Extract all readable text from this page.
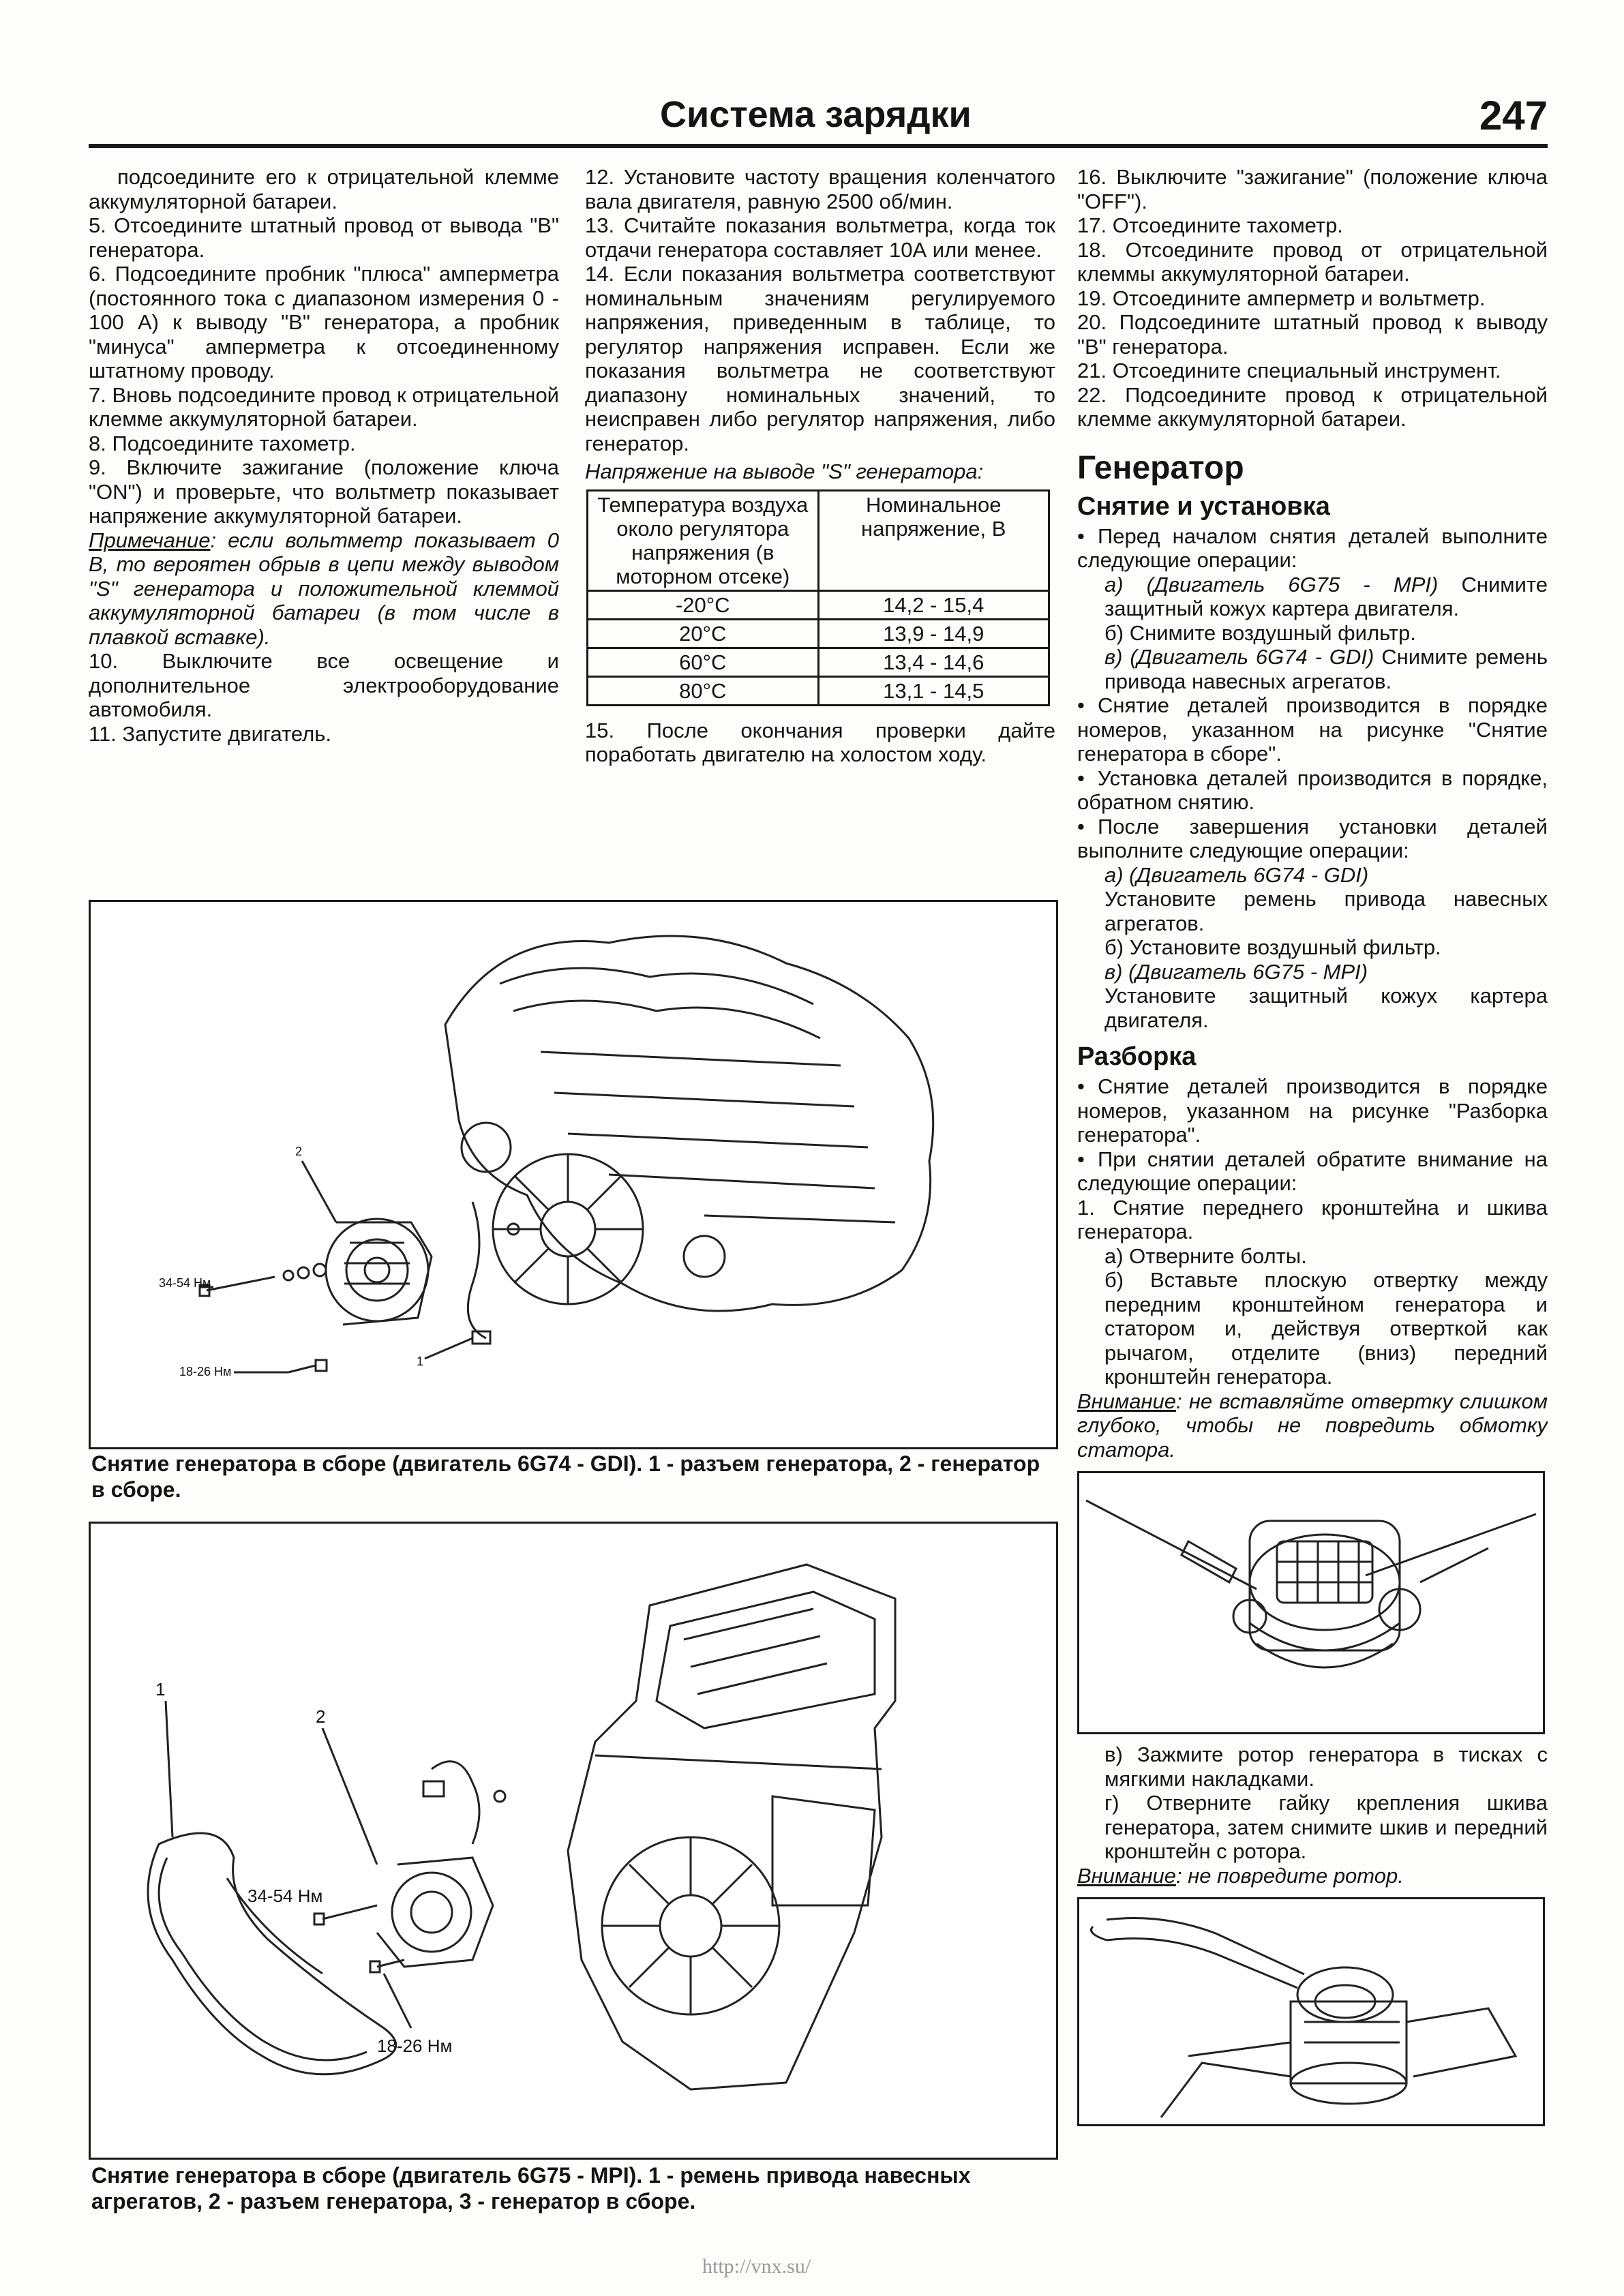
Система зарядки	247

подсоедините его к отрицательной клемме аккумуляторной батареи.

5. Отсоедините штатный провод от вывода "B" генератора.

6. Подсоедините пробник "плюса" амперметра (постоянного тока с диапазоном измерения 0 - 100 А) к выводу "B" генератора, а пробник "минуса" амперметра к отсоединенному штатному проводу.

7. Вновь подсоедините провод к отрицательной клемме аккумуляторной батареи.

8. Подсоедините тахометр.

9. Включите зажигание (положение ключа "ON") и проверьте, что вольтметр показывает напряжение аккумуляторной батареи.

Примечание: если вольтметр показывает 0 В, то вероятен обрыв в цепи между выводом "S" генератора и положительной клеммой аккумуляторной батареи (в том числе в плавкой вставке).

10. Выключите все освещение и дополнительное электрооборудование автомобиля.

11. Запустите двигатель.

12. Установите частоту вращения коленчатого вала двигателя, равную 2500 об/мин.

13. Считайте показания вольтметра, когда ток отдачи генератора составляет 10А или менее.

14. Если показания вольтметра соответствуют номинальным значениям регулируемого напряжения, приведенным в таблице, то регулятор напряжения исправен. Если же показания вольтметра не соответствуют диапазону номинальных значений, то неисправен либо регулятор напряжения, либо генератор.

Напряжение на выводе "S" генератора:

Температура воздуха около регулятора напряжения (в моторном отсеке)	Номинальное напряжение, В
-20°C	14,2 - 15,4
20°C	13,9 - 14,9
60°C	13,4 - 14,6
80°C	13,1 - 14,5

15. После окончания проверки дайте поработать двигателю на холостом ходу.

16. Выключите "зажигание" (положение ключа "OFF").

17. Отсоедините тахометр.

18. Отсоедините провод от отрицательной клеммы аккумуляторной батареи.

19. Отсоедините амперметр и вольтметр.

20. Подсоедините штатный провод к выводу "B" генератора.

21. Отсоедините специальный инструмент.

22. Подсоедините провод к отрицательной клемме аккумуляторной батареи.

Генератор
Снятие и установка

• Перед началом снятия деталей выполните следующие операции:

а) (Двигатель 6G75 - MPI) Снимите защитный кожух картера двигателя.

б) Снимите воздушный фильтр.

в) (Двигатель 6G74 - GDI) Снимите ремень привода навесных агрегатов.

• Снятие деталей производится в порядке номеров, указанном на рисунке "Снятие генератора в сборе".

• Установка деталей производится в порядке, обратном снятию.

• После завершения установки деталей выполните следующие операции:

а) (Двигатель 6G74 - GDI)

Установите ремень привода навесных агрегатов.

б) Установите воздушный фильтр.

в) (Двигатель 6G75 - MPI)

Установите защитный кожух картера двигателя.

Разборка

• Снятие деталей производится в порядке номеров, указанном на рисунке "Разборка генератора".

• При снятии деталей обратите внимание на следующие операции:

1. Снятие переднего кронштейна и шкива генератора.

а) Отверните болты.

б) Вставьте плоскую отвертку между передним кронштейном генератора и статором и, действуя отверткой как рычагом, отделите (вниз) передний кронштейн генератора.

Внимание: не вставляйте отвертку слишком глубоко, чтобы не повредить обмотку статора.

в) Зажмите ротор генератора в тисках с мягкими накладками.

г) Отверните гайку крепления шкива генератора, затем снимите шкив и передний кронштейн с ротора.

Внимание: не повредите ротор.

34-54 Нм
18-26 Нм
2
1
Снятие генератора в сборе (двигатель 6G74 - GDI). 1 - разъем генератора, 2 - генератор в сборе.
34-54 Нм
18-26 Нм
2
1
Снятие генератора в сборе (двигатель 6G75 - MPI). 1 - ремень привода навесных агрегатов, 2 - разъем генератора, 3 - генератор в сборе.
http://vnx.su/
